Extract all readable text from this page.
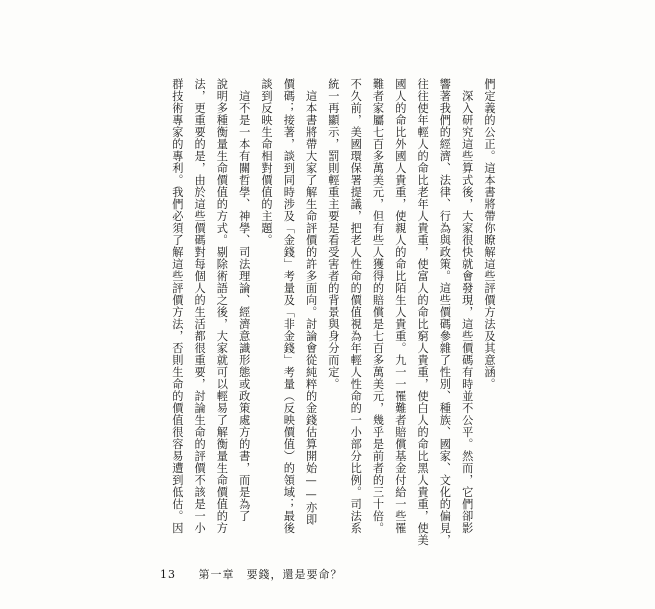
們定義的公正。這本書將帶你瞭解這些評價方法及其意涵。
　深入研究這些算式後，大家很快就會發現，這些價碼有時並不公平。然而，它們卻影
響著我們的經濟、法律、行為與政策。這些價碼參雜了性別、種族、國家、文化的偏見，
往往使年輕人的命比老年人貴重，使富人的命比窮人貴重，使白人的命比黑人貴重，使美
國人的命比外國人貴重，使親人的命比陌生人貴重。九一一罹難者賠償基金付給一些罹
難者家屬七百多萬美元，但有些人獲得的賠償是七百多萬美元，幾乎是前者的三十倍。
不久前，美國環保署提議，把老人性命的價值視為年輕人性命的一小部分比例。司法系
統一再顯示，罰則輕重主要是看受害者的背景與身分而定。
　這本書將帶大家了解生命評價的許多面向。討論會從純粹的金錢估算開始——亦即
價碼；接著，談到同時涉及「金錢」考量及「非金錢」考量（反映價值）的領域；最後
談到反映生命相對價值的主題。
　這不是一本有關哲學、神學、司法理論、經濟意識形態或政策處方的書，而是為了
說明多種衡量生命價值的方式。剔除術語之後，大家就可以輕易了解衡量生命價值的方
法，更重要的是，由於這些價碼對每個人的生活都很重要，討論生命的評價不該是一小
群技術專家的專利。我們必須了解這些評價方法，否則生命的價值很容易遭到低估。因
13 第一章　要錢，還是要命？
